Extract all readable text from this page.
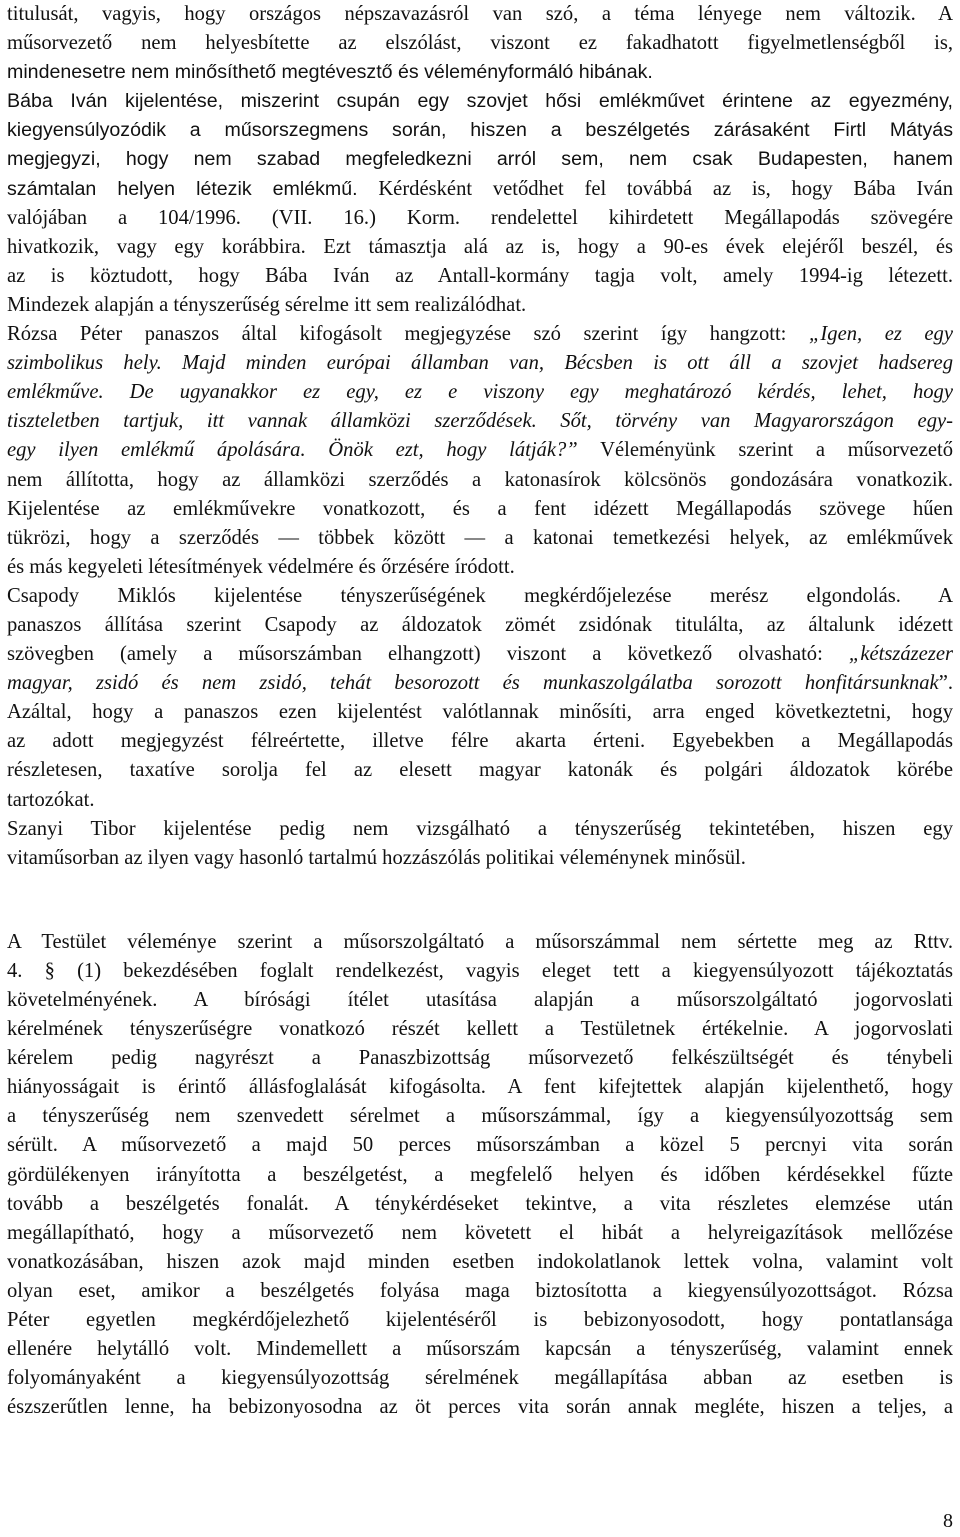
titulusát, vagyis, hogy országos népszavazásról van szó, a téma lényege nem változik. A
műsorvezető nem helyesbítette az elszólást, viszont ez fakadhatott figyelmetlenségből is,
mindenesetre nem minősíthető megtévesztő és véleményformáló hibának.
Bába Iván kijelentése, miszerint csupán egy szovjet hősi emlékművet érintene az egyezmény,
kiegyensúlyozódik a műsorszegmens során, hiszen a beszélgetés zárásaként Firtl Mátyás
megjegyzi, hogy nem szabad megfeledkezni arról sem, nem csak Budapesten, hanem
számtalan helyen létezik emlékmű. Kérdésként vetődhet fel továbbá az is, hogy Bába Iván
valójában a 104/1996. (VII. 16.) Korm. rendelettel kihirdetett Megállapodás szövegére
hivatkozik, vagy egy korábbira. Ezt támasztja alá az is, hogy a 90-es évek elejéről beszél, és
az is köztudott, hogy Bába Iván az Antall-kormány tagja volt, amely 1994-ig létezett.
Mindezek alapján a tényszerűség sérelme itt sem realizálódhat.
Rózsa Péter panaszos által kifogásolt megjegyzése szó szerint így hangzott: „Igen, ez egy
szimbolikus hely. Majd minden európai államban van, Bécsben is ott áll a szovjet hadsereg
emlékműve. De ugyanakkor ez egy, ez e viszony egy meghatározó kérdés, lehet, hogy
tiszteletben tartjuk, itt vannak államközi szerződések. Sőt, törvény van Magyarországon egy-
egy ilyen emlékmű ápolására. Önök ezt, hogy látják?” Véleményünk szerint a műsorvezető
nem állította, hogy az államközi szerződés a katonasírok kölcsönös gondozására vonatkozik.
Kijelentése az emlékművekre vonatkozott, és a fent idézett Megállapodás szövege hűen
tükrözi, hogy a szerződés — többek között — a katonai temetkezési helyek, az emlékművek
és más kegyeleti létesítmények védelmére és őrzésére íródott.
Csapody Miklós kijelentése tényszerűségének megkérdőjelezése merész elgondolás. A
panaszos állítása szerint Csapody az áldozatok zömét zsidónak titulálta, az általunk idézett
szövegben (amely a műsorszámban elhangzott) viszont a következő olvasható: „kétszázezer
magyar, zsidó és nem zsidó, tehát besorozott és munkaszolgálatba sorozott honfitársunknak”.
Azáltal, hogy a panaszos ezen kijelentést valótlannak minősíti, arra enged következtetni, hogy
az adott megjegyzést félreértette, illetve félre akarta érteni. Egyebekben a Megállapodás
részletesen, taxatíve sorolja fel az elesett magyar katonák és polgári áldozatok körébe
tartozókat.
Szanyi Tibor kijelentése pedig nem vizsgálható a tényszerűség tekintetében, hiszen egy
vitaműsorban az ilyen vagy hasonló tartalmú hozzászólás politikai véleménynek minősül.
A Testület véleménye szerint a műsorszolgáltató a műsorszámmal nem sértette meg az Rttv.
4. § (1) bekezdésében foglalt rendelkezést, vagyis eleget tett a kiegyensúlyozott tájékoztatás
követelményének. A bírósági ítélet utasítása alapján a műsorszolgáltató jogorvoslati
kérelmének tényszerűségre vonatkozó részét kellett a Testületnek értékelnie. A jogorvoslati
kérelem pedig nagyrészt a Panaszbizottság műsorvezető felkészültségét és ténybeli
hiányosságait is érintő állásfoglalását kifogásolta. A fent kifejtettek alapján kijelenthető, hogy
a tényszerűség nem szenvedett sérelmet a műsorszámmal, így a kiegyensúlyozottság sem
sérült. A műsorvezető a majd 50 perces műsorszámban a közel 5 percnyi vita során
gördülékenyen irányította a beszélgetést, a megfelelő helyen és időben kérdésekkel fűzte
tovább a beszélgetés fonalát. A ténykérdéseket tekintve, a vita részletes elemzése után
megállapítható, hogy a műsorvezető nem követett el hibát a helyreigazítások mellőzése
vonatkozásában, hiszen azok majd minden esetben indokolatlanok lettek volna, valamint volt
olyan eset, amikor a beszélgetés folyása maga biztosította a kiegyensúlyozottságot. Rózsa
Péter egyetlen megkérdőjelezhető kijelentéséről is bebizonyosodott, hogy pontatlansága
ellenére helytálló volt. Mindemellett a műsorszám kapcsán a tényszerűség, valamint ennek
folyományaként a kiegyensúlyozottság sérelmének megállapítása abban az esetben is
észszerűtlen lenne, ha bebizonyosodna az öt perces vita során annak megléte, hiszen a teljes, a
8
